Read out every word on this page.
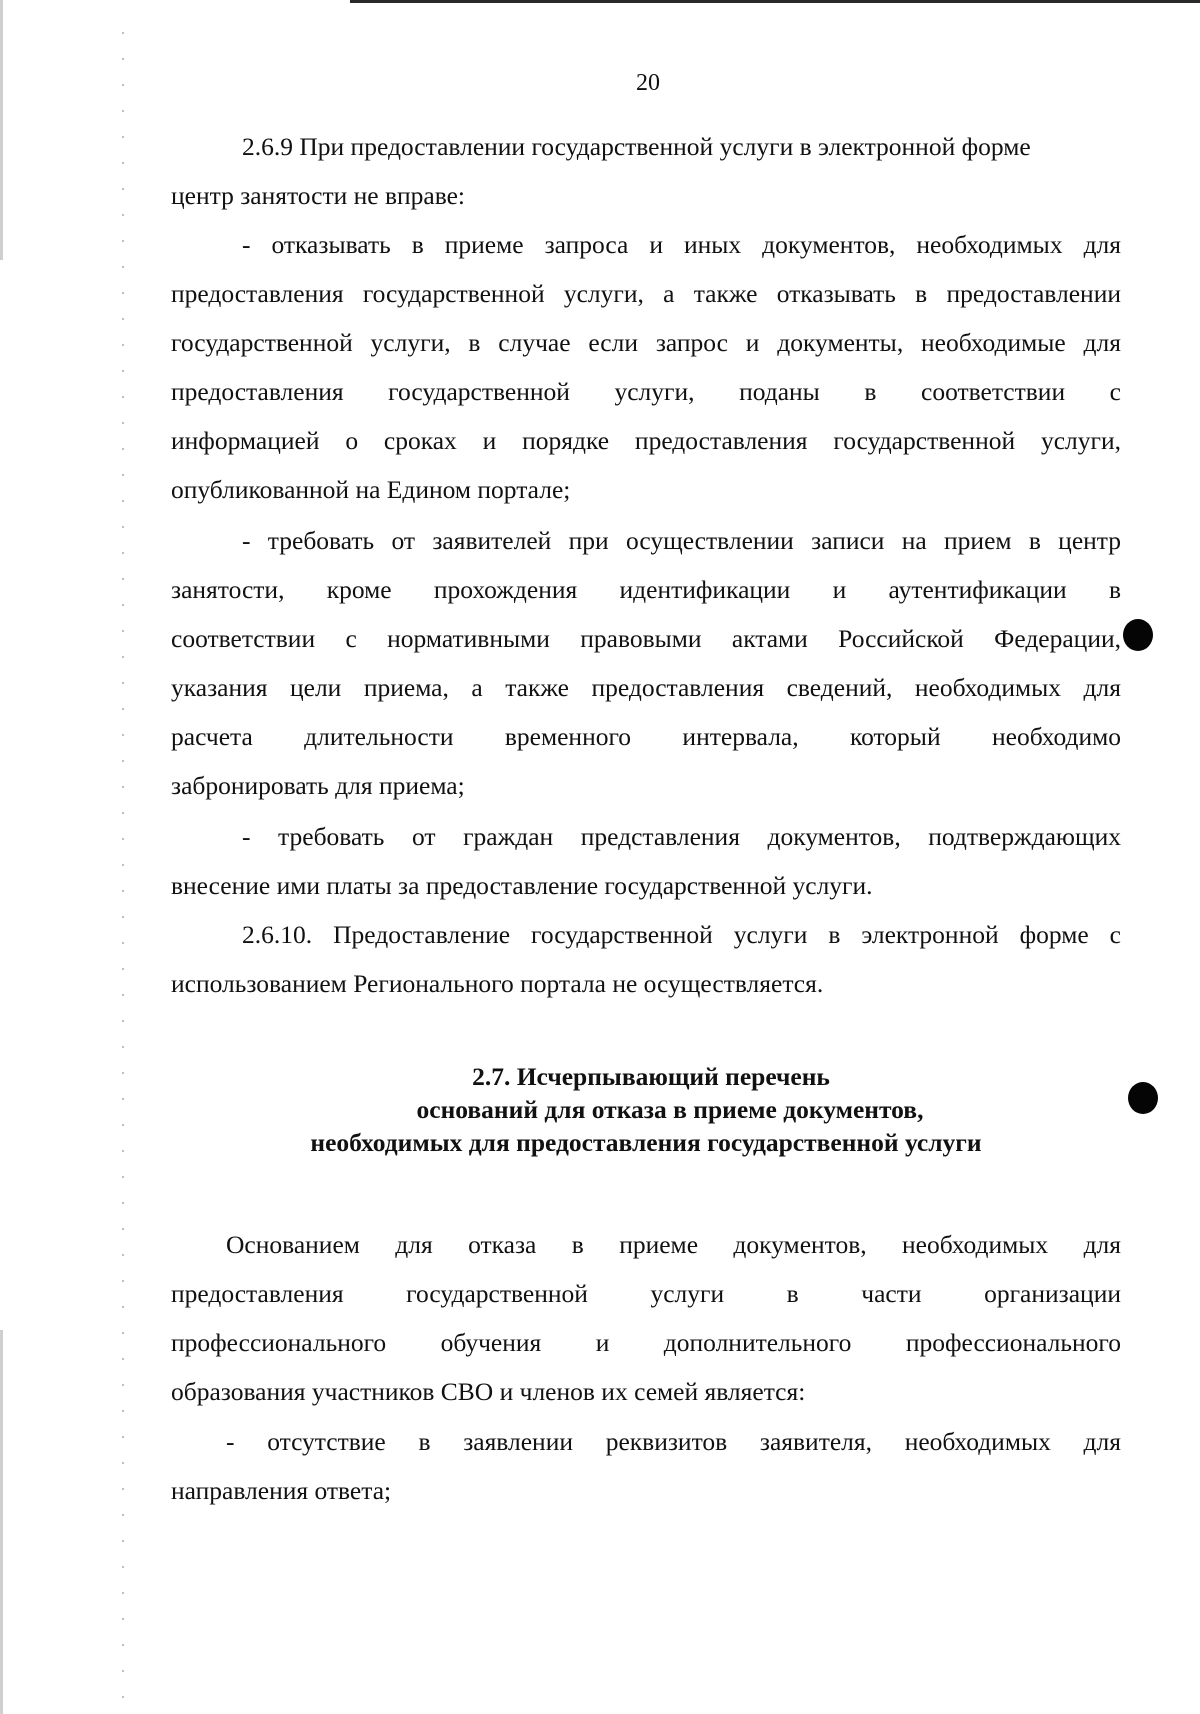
20
2.6.9 При предоставлении государственной услуги в электронной форме
центр занятости не вправе:
- отказывать в приеме запроса и иных документов, необходимых для
предоставления государственной услуги, а также отказывать в предоставлении
государственной услуги, в случае если запрос и документы, необходимые для
предоставления государственной услуги, поданы в соответствии с
информацией о сроках и порядке предоставления государственной услуги,
опубликованной на Едином портале;
- требовать от заявителей при осуществлении записи на прием в центр
занятости, кроме прохождения идентификации и аутентификации в
соответствии с нормативными правовыми актами Российской Федерации,
указания цели приема, а также предоставления сведений, необходимых для
расчета длительности временного интервала, который необходимо
забронировать для приема;
- требовать от граждан представления документов, подтверждающих
внесение ими платы за предоставление государственной услуги.
2.6.10. Предоставление государственной услуги в электронной форме с
использованием Регионального портала не осуществляется.
2.7. Исчерпывающий перечень
оснований для отказа в приеме документов,
необходимых для предоставления государственной услуги
Основанием для отказа в приеме документов, необходимых для
предоставления государственной услуги в части организации
профессионального обучения и дополнительного профессионального
образования участников СВО и членов их семей является:
- отсутствие в заявлении реквизитов заявителя, необходимых для
направления ответа;
